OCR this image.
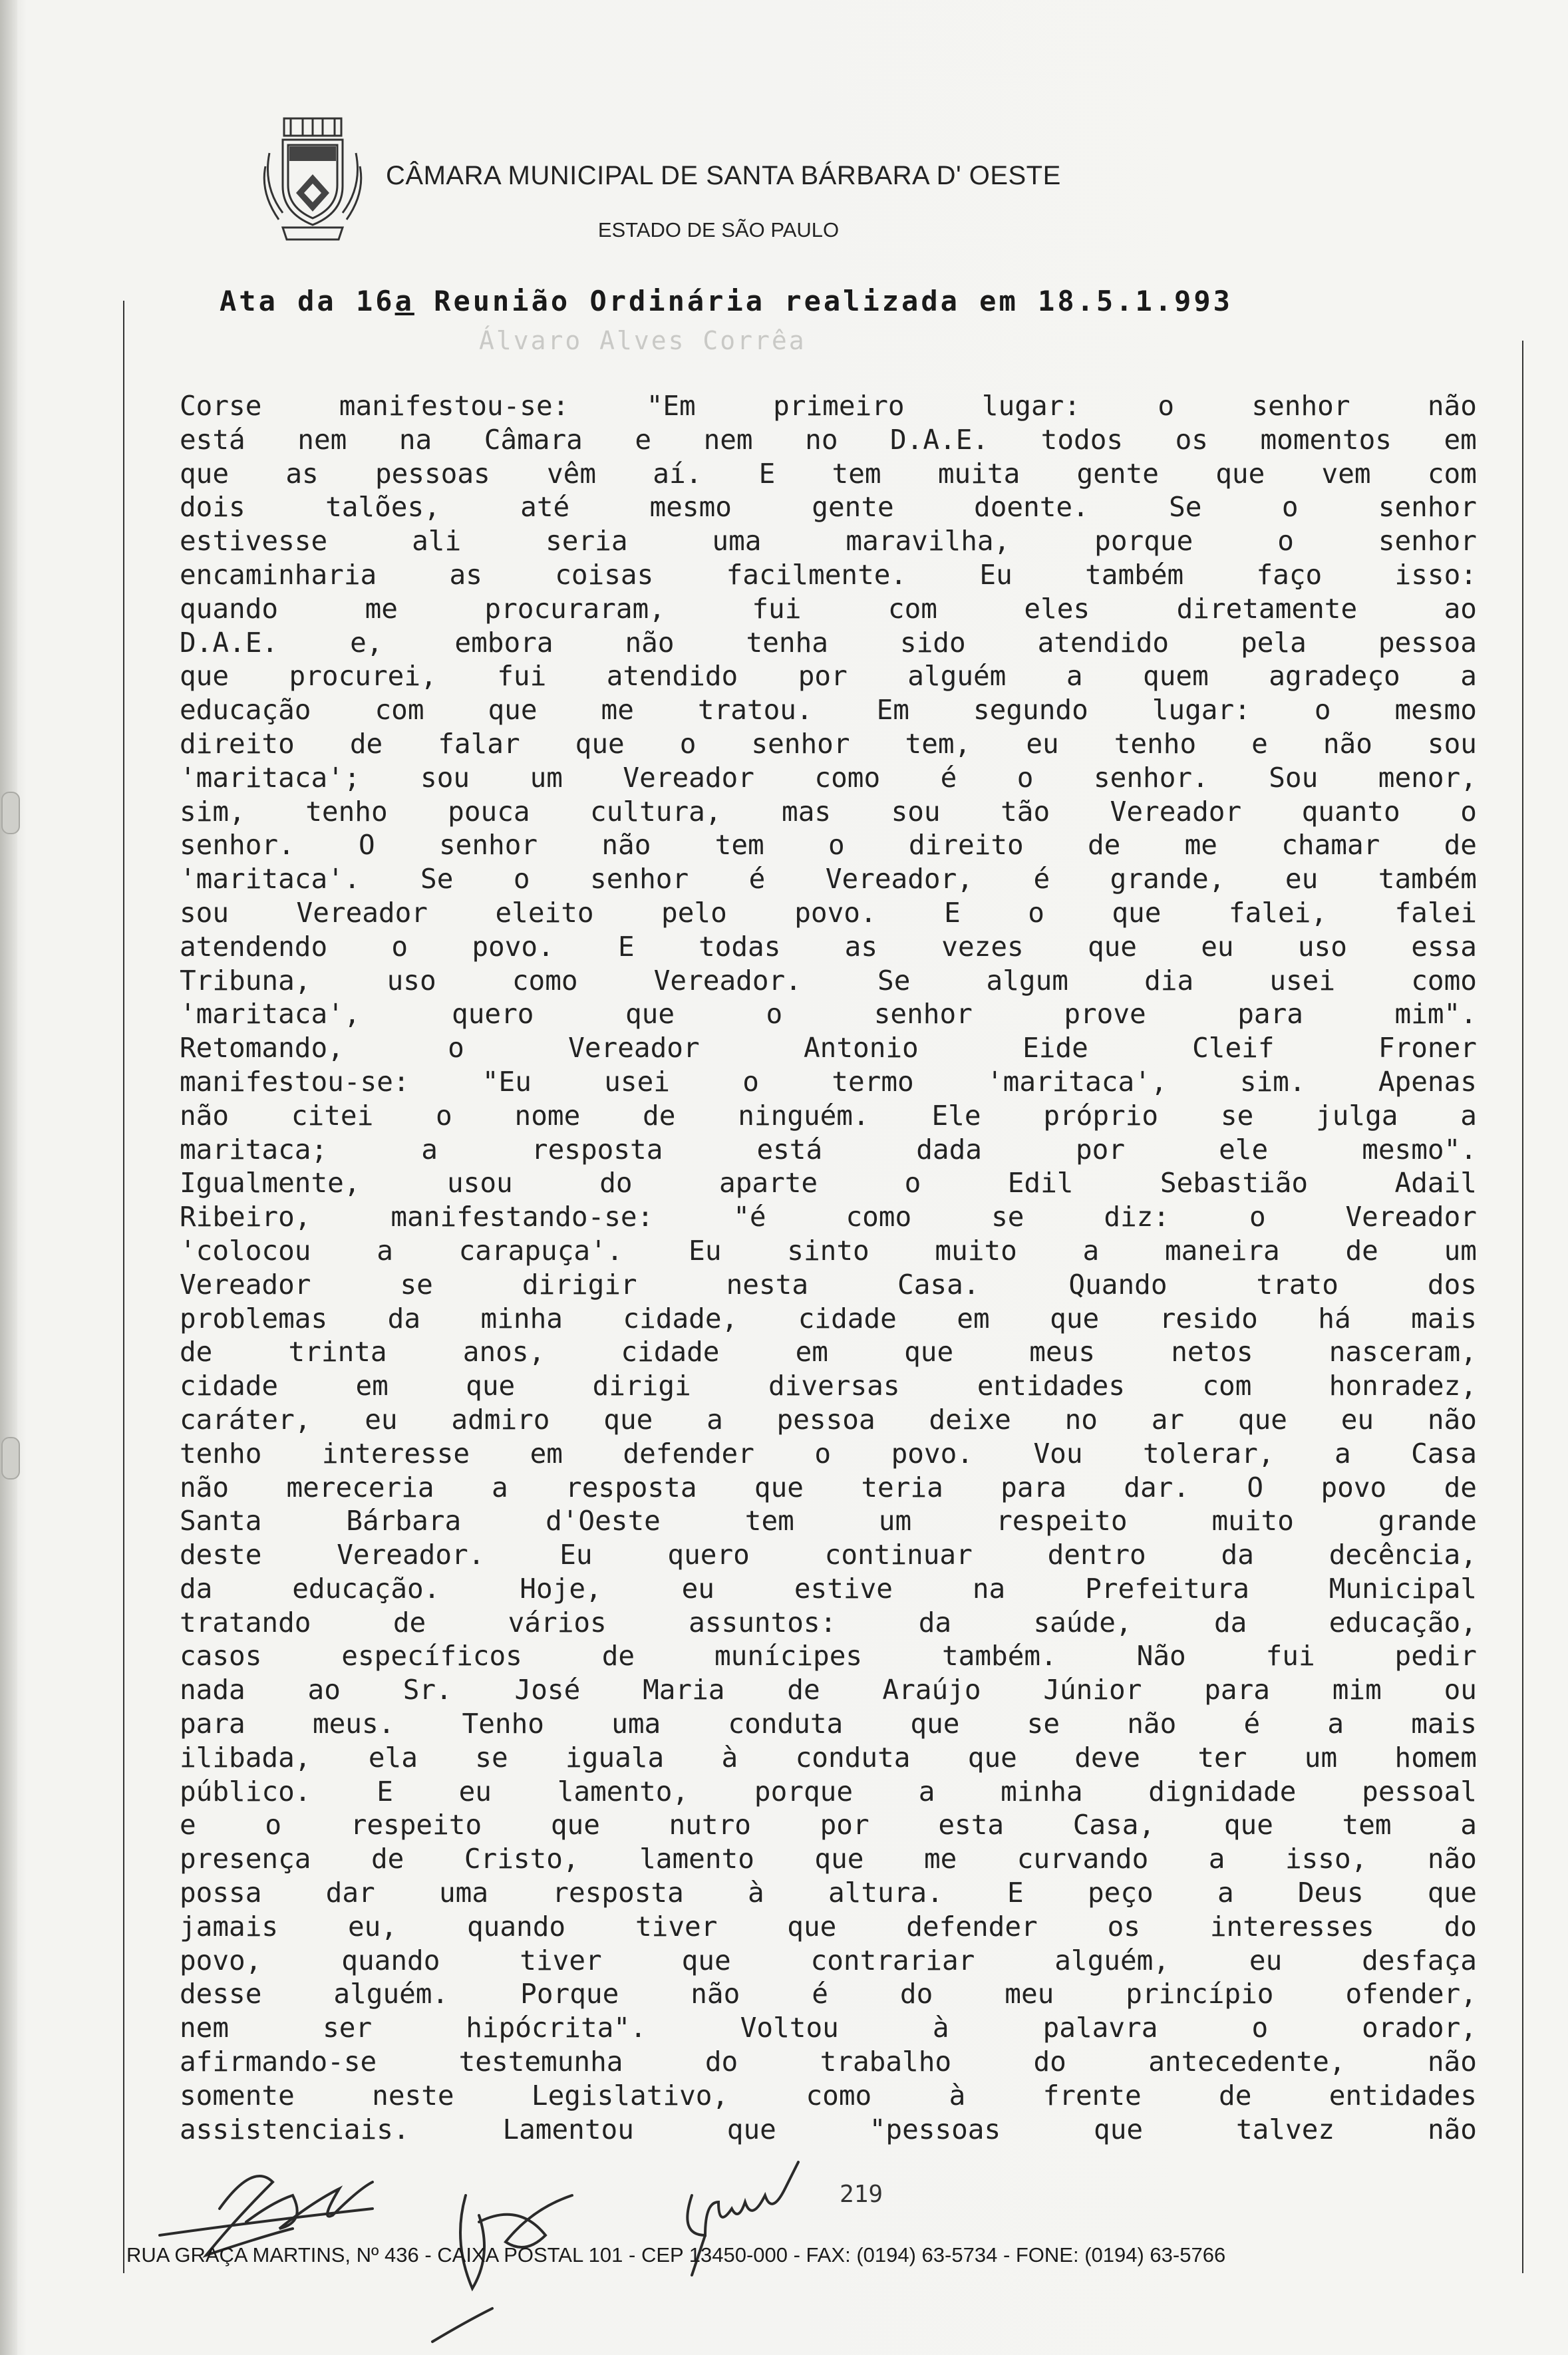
CÂMARA MUNICIPAL DE SANTA BÁRBARA D' OESTE
ESTADO DE SÃO PAULO
Álvaro Alves Corrêa
Ata da 16a Reunião Ordinária realizada em 18.5.1.993
Corse	manifestou-se:	"Em	primeiro	lugar:	o	senhor	não
está nem na Câmara e nem no D.A.E. todos os momentos em
que as pessoas vêm aí. E tem muita gente que vem com
dois	talões,	até	mesmo	gente	doente.	Se	o	senhor
estivesse	ali	seria	uma	maravilha,	porque	o	senhor
encaminharia	as	coisas	facilmente.	Eu	também	faço	isso:
quando	me	procuraram,	fui	com	eles	diretamente	ao
D.A.E.	e,	embora	não	tenha	sido	atendido	pela	pessoa
que procurei, fui atendido por alguém a quem agradeço a
educação com que me tratou. Em segundo lugar: o mesmo
direito de falar que o senhor tem, eu tenho e não sou
'maritaca'; sou um Vereador como é o senhor. Sou menor,
sim, tenho pouca cultura, mas sou tão Vereador quanto o
senhor. O senhor não tem o direito de me chamar de
'maritaca'. Se o senhor é Vereador, é grande, eu também
sou Vereador eleito pelo povo. E o que falei, falei
atendendo o povo. E todas as vezes que eu uso essa
Tribuna,	uso	como	Vereador.	Se	algum	dia	usei	como
'maritaca',	quero	que	o	senhor	prove	para	mim".
Retomando,	o	Vereador	Antonio	Eide	Cleif	Froner
manifestou-se:	"Eu	usei	o	termo	'maritaca',	sim.	Apenas
não citei o nome de ninguém. Ele próprio se julga a
maritaca;	a	resposta	está	dada	por	ele	mesmo".
Igualmente,	usou	do	aparte	o	Edil	Sebastião	Adail
Ribeiro,	manifestando-se:	"é	como	se	diz:	o	Vereador
'colocou a carapuça'. Eu sinto muito a maneira de um
Vereador	se	dirigir	nesta	Casa.	Quando	trato	dos
problemas da minha cidade, cidade em que resido há mais
de	trinta	anos,	cidade	em	que	meus	netos	nasceram,
cidade	em	que	dirigi	diversas	entidades	com	honradez,
caráter, eu admiro que a pessoa deixe no ar que eu não
tenho interesse em defender o povo. Vou tolerar, a Casa
não mereceria a resposta que teria para dar. O povo de
Santa	Bárbara	d'Oeste	tem	um	respeito	muito	grande
deste	Vereador.	Eu	quero	continuar	dentro	da	decência,
da	educação.	Hoje,	eu	estive	na	Prefeitura	Municipal
tratando	de	vários	assuntos:	da	saúde,	da	educação,
casos	específicos	de	munícipes	também.	Não	fui	pedir
nada ao Sr. José Maria de Araújo Júnior para mim ou
para meus. Tenho uma conduta que se não é a mais
ilibada, ela se iguala à conduta que deve ter um homem
público. E eu lamento, porque a minha dignidade pessoal
e	o	respeito	que	nutro	por	esta	Casa,	que	tem	a
presença de Cristo, lamento que me curvando a isso, não
possa dar uma resposta à altura. E peço a Deus que
jamais	eu,	quando	tiver	que	defender	os	interesses	do
povo,	quando	tiver	que	contrariar	alguém,	eu	desfaça
desse	alguém.	Porque	não	é	do	meu	princípio	ofender,
nem	ser	hipócrita".	Voltou	à	palavra	o	orador,
afirmando-se	testemunha	do	trabalho	do	antecedente,	não
somente	neste	Legislativo,	como	à	frente	de	entidades
assistenciais.	Lamentou	que	"pessoas	que	talvez	não
219
RUA GRAÇA MARTINS, Nº 436 - CAIXA POSTAL 101 - CEP 13450-000 - FAX: (0194) 63-5734 - FONE: (0194) 63-5766
